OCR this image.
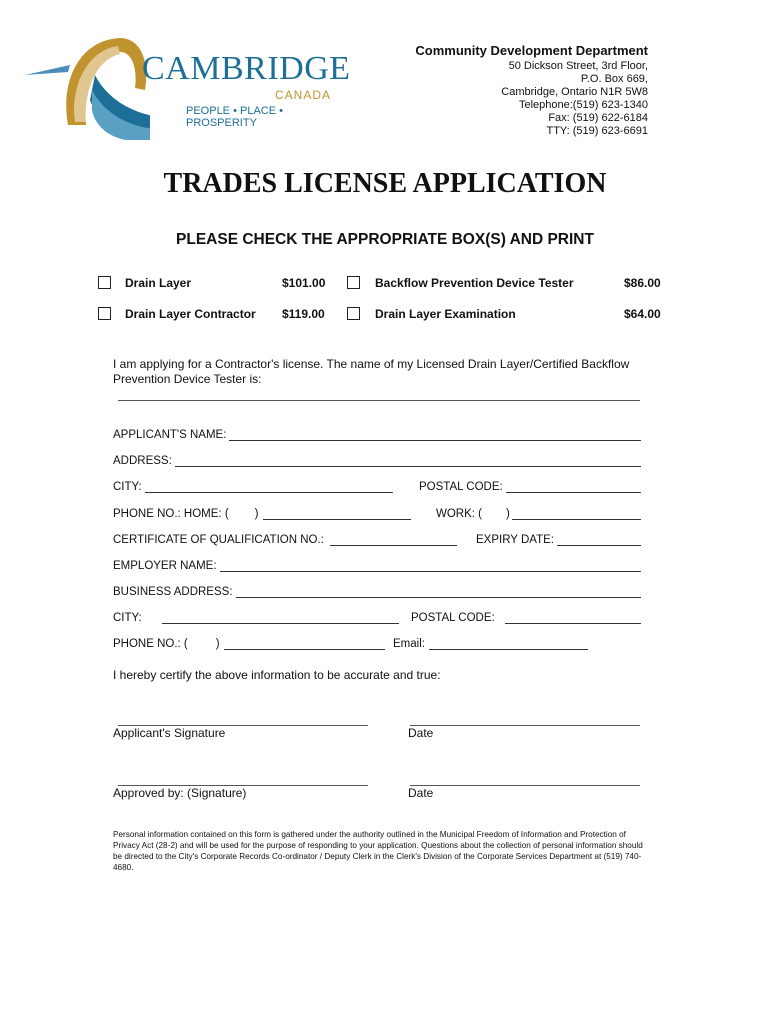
CAMBRIDGE
CANADA
PEOPLE • PLACE • PROSPERITY
Community Development Department
50 Dickson Street, 3rd Floor,
P.O. Box 669,
Cambridge, Ontario N1R 5W8
Telephone:(519) 623-1340
Fax: (519) 622-6184
TTY: (519) 623-6691
TRADES LICENSE APPLICATION
PLEASE CHECK THE APPROPRIATE BOX(S) AND PRINT
Drain Layer	$101.00	Backflow Prevention Device Tester	$86.00
Drain Layer Contractor $119.00	Drain Layer Examination	$64.00
I am applying for a Contractor's license. The name of my Licensed Drain Layer/Certified Backflow Prevention Device Tester is:
APPLICANT'S NAME:
ADDRESS:
CITY:	POSTAL CODE:
PHONE NO.: HOME: ( )	WORK: ( )
CERTIFICATE OF QUALIFICATION NO.:	EXPIRY DATE:
EMPLOYER NAME:
BUSINESS ADDRESS:
CITY:	POSTAL CODE:
PHONE NO.: ( )	Email:
I hereby certify the above information to be accurate and true:
Applicant's Signature	Date
Approved by: (Signature)	Date
Personal information contained on this form is gathered under the authority outlined in the Municipal Freedom of Information and Protection of Privacy Act (28-2) and will be used for the purpose of responding to your application. Questions about the collection of personal information should be directed to the City's Corporate Records Co-ordinator / Deputy Clerk in the Clerk's Division of the Corporate Services Department at (519) 740-4680.
